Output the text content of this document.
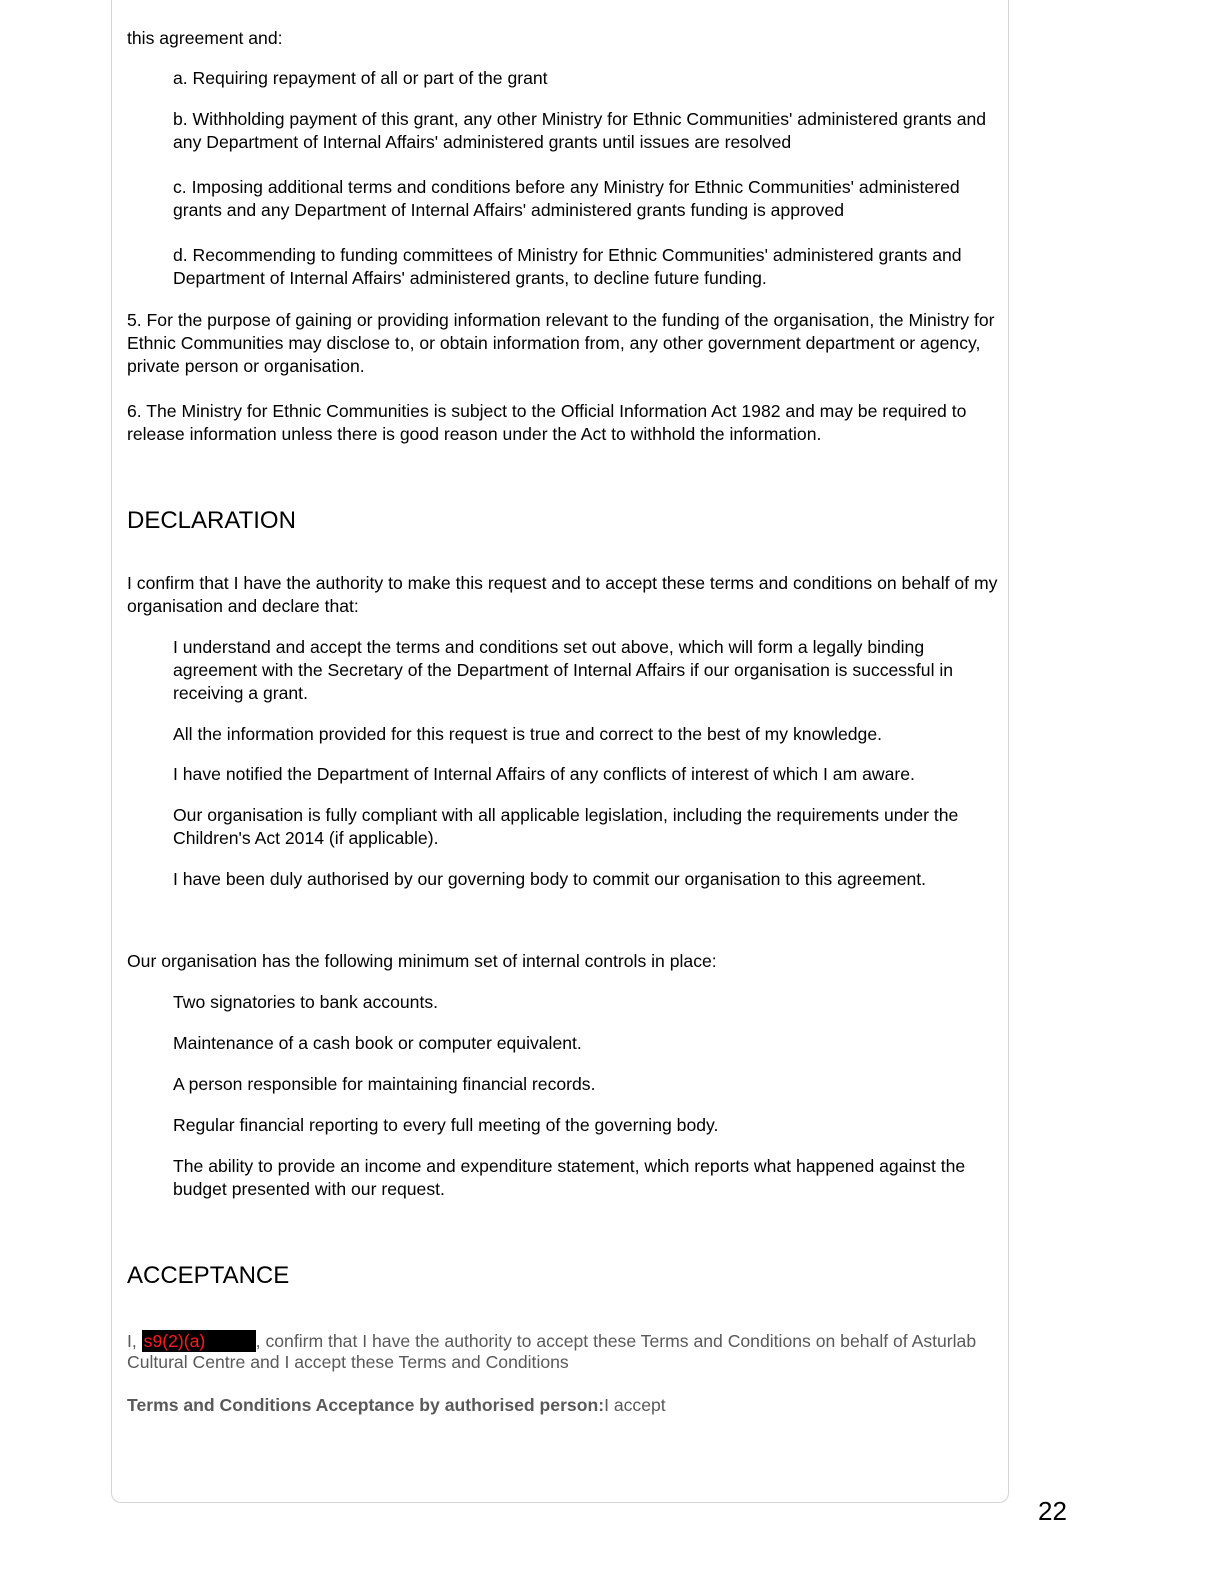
this agreement and:

a. Requiring repayment of all or part of the grant

b. Withholding payment of this grant, any other Ministry for Ethnic Communities' administered grants and any Department of Internal Affairs' administered grants until issues are resolved

c. Imposing additional terms and conditions before any Ministry for Ethnic Communities' administered grants and any Department of Internal Affairs' administered grants funding is approved

d. Recommending to funding committees of Ministry for Ethnic Communities' administered grants and Department of Internal Affairs' administered grants, to decline future funding.

5. For the purpose of gaining or providing information relevant to the funding of the organisation, the Ministry for Ethnic Communities may disclose to, or obtain information from, any other government department or agency, private person or organisation.

6. The Ministry for Ethnic Communities is subject to the Official Information Act 1982 and may be required to release information unless there is good reason under the Act to withhold the information.

DECLARATION

I confirm that I have the authority to make this request and to accept these terms and conditions on behalf of my organisation and declare that:

I understand and accept the terms and conditions set out above, which will form a legally binding agreement with the Secretary of the Department of Internal Affairs if our organisation is successful in receiving a grant.

All the information provided for this request is true and correct to the best of my knowledge.

I have notified the Department of Internal Affairs of any conflicts of interest of which I am aware.

Our organisation is fully compliant with all applicable legislation, including the requirements under the Children's Act 2014 (if applicable).

I have been duly authorised by our governing body to commit our organisation to this agreement.

Our organisation has the following minimum set of internal controls in place:

Two signatories to bank accounts.

Maintenance of a cash book or computer equivalent.

A person responsible for maintaining financial records.

Regular financial reporting to every full meeting of the governing body.

The ability to provide an income and expenditure statement, which reports what happened against the budget presented with our request.

ACCEPTANCE

I, s9(2)(a)	, confirm that I have the authority to accept these Terms and Conditions on behalf of Asturlab Cultural Centre and I accept these Terms and Conditions

Terms and Conditions Acceptance by authorised person:I accept

22
